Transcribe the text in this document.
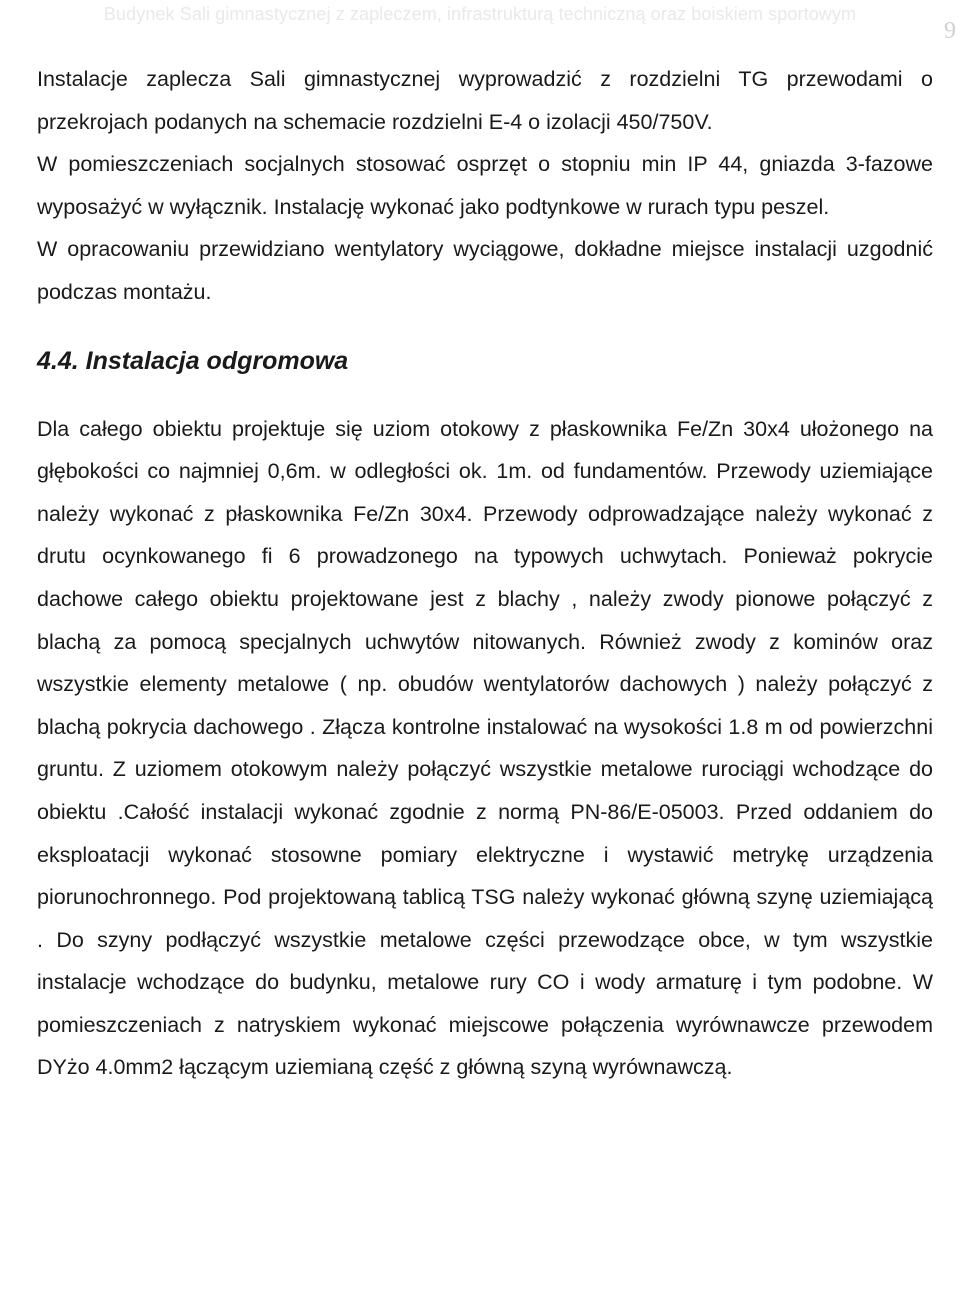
Budynek Sali gimnastycznej z zapleczem, infrastrukturą techniczną oraz boiskiem sportowym
9

Instalacje zaplecza Sali gimnastycznej wyprowadzić z rozdzielni TG przewodami o przekrojach podanych na schemacie rozdzielni E-4 o izolacji 450/750V.

W pomieszczeniach socjalnych stosować osprzęt o stopniu min IP 44, gniazda 3-fazowe wyposażyć w wyłącznik. Instalację wykonać jako podtynkowe w rurach typu peszel.

W opracowaniu przewidziano wentylatory wyciągowe, dokładne miejsce instalacji uzgodnić podczas montażu.

4.4. Instalacja odgromowa

Dla całego obiektu projektuje się uziom otokowy z płaskownika Fe/Zn 30x4 ułożonego na głębokości co najmniej 0,6m. w odległości ok. 1m. od fundamentów. Przewody uziemiające należy wykonać z płaskownika Fe/Zn 30x4. Przewody odprowadzające należy wykonać z drutu ocynkowanego fi 6 prowadzonego na typowych uchwytach. Ponieważ pokrycie dachowe całego obiektu projektowane jest z blachy , należy zwody pionowe połączyć z blachą za pomocą specjalnych uchwytów nitowanych. Również zwody z kominów oraz wszystkie elementy metalowe ( np. obudów wentylatorów dachowych ) należy połączyć z blachą pokrycia dachowego . Złącza kontrolne instalować na wysokości 1.8 m od powierzchni gruntu. Z uziomem otokowym należy połączyć wszystkie metalowe rurociągi wchodzące do obiektu .Całość instalacji wykonać zgodnie z normą PN-86/E-05003. Przed oddaniem do eksploatacji wykonać stosowne pomiary elektryczne i wystawić metrykę urządzenia piorunochronnego. Pod projektowaną tablicą TSG należy wykonać główną szynę uziemiającą . Do szyny podłączyć wszystkie metalowe części przewodzące obce, w tym wszystkie instalacje wchodzące do budynku, metalowe rury CO i wody armaturę i tym podobne. W pomieszczeniach z natryskiem wykonać miejscowe połączenia wyrównawcze przewodem DYżo 4.0mm2 łączącym uziemianą część z główną szyną wyrównawczą.
